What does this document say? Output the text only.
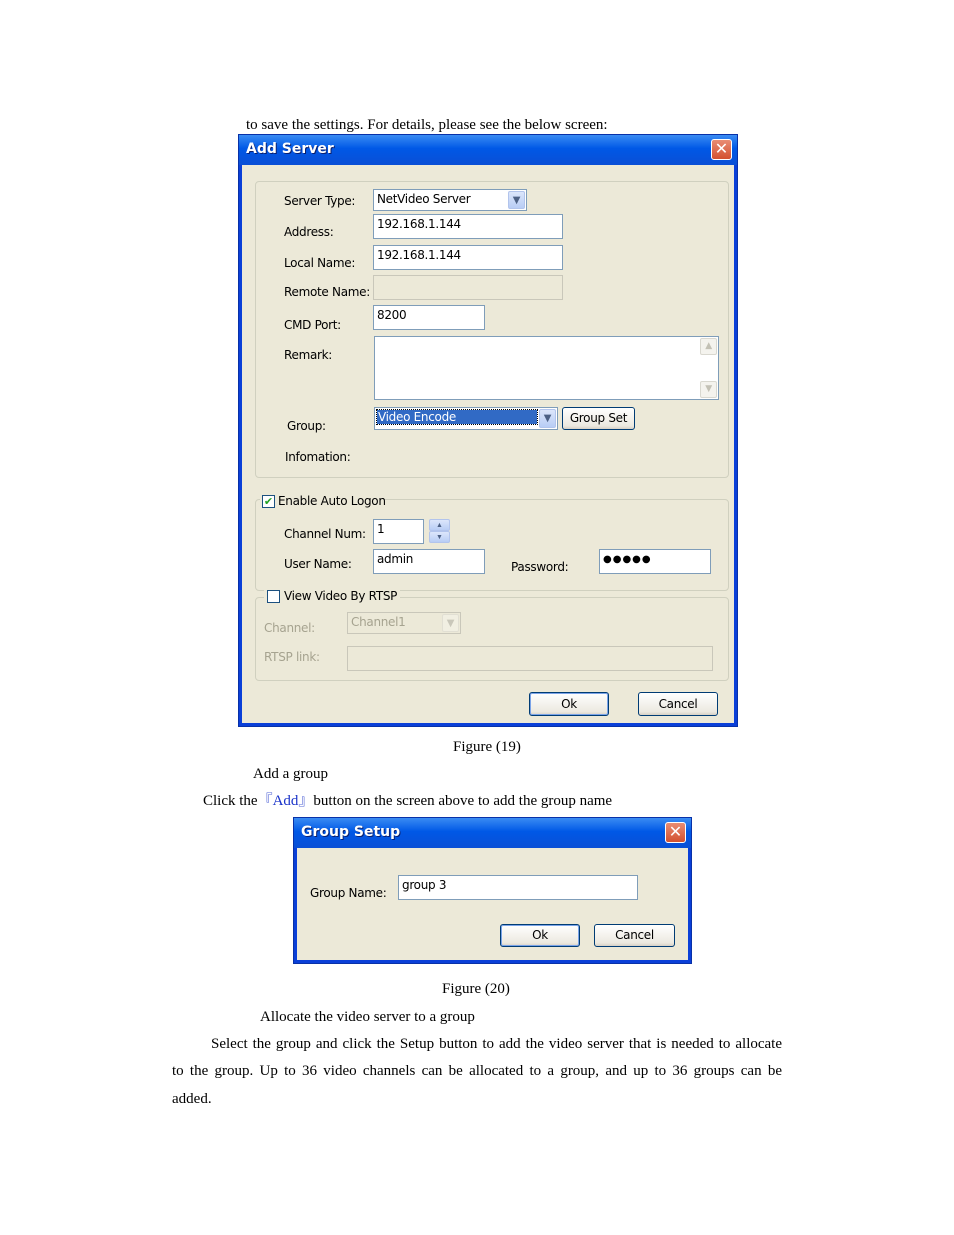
to save the settings. For details, please see the below screen:
Add Server	✕
Server Type:	NetVideo Server	▼
Address:
192.168.1.144
Local Name:
192.168.1.144
Remote Name:
CMD Port:
8200
Remark:
▲
▼
Group:
Video Encode	▼	Group Set
Infomation:
✔ Enable Auto Logon
Channel Num: 1	▲
▼
User Name:	admin
Password:
●●●●●
View Video By RTSP
Channel:	Channel1	▼
RTSP link:
Ok	Cancel
Figure (19)
Add a group
Click the『Add』button on the screen above to add the group name
Group Setup	✕
Group Name:
group 3
Ok	Cancel
Figure (20)
Allocate the video server to a group
Select the group and click the Setup button to add the video server that is needed to allocate
to the group. Up to 36 video channels can be allocated to a group, and up to 36 groups can be
added.
